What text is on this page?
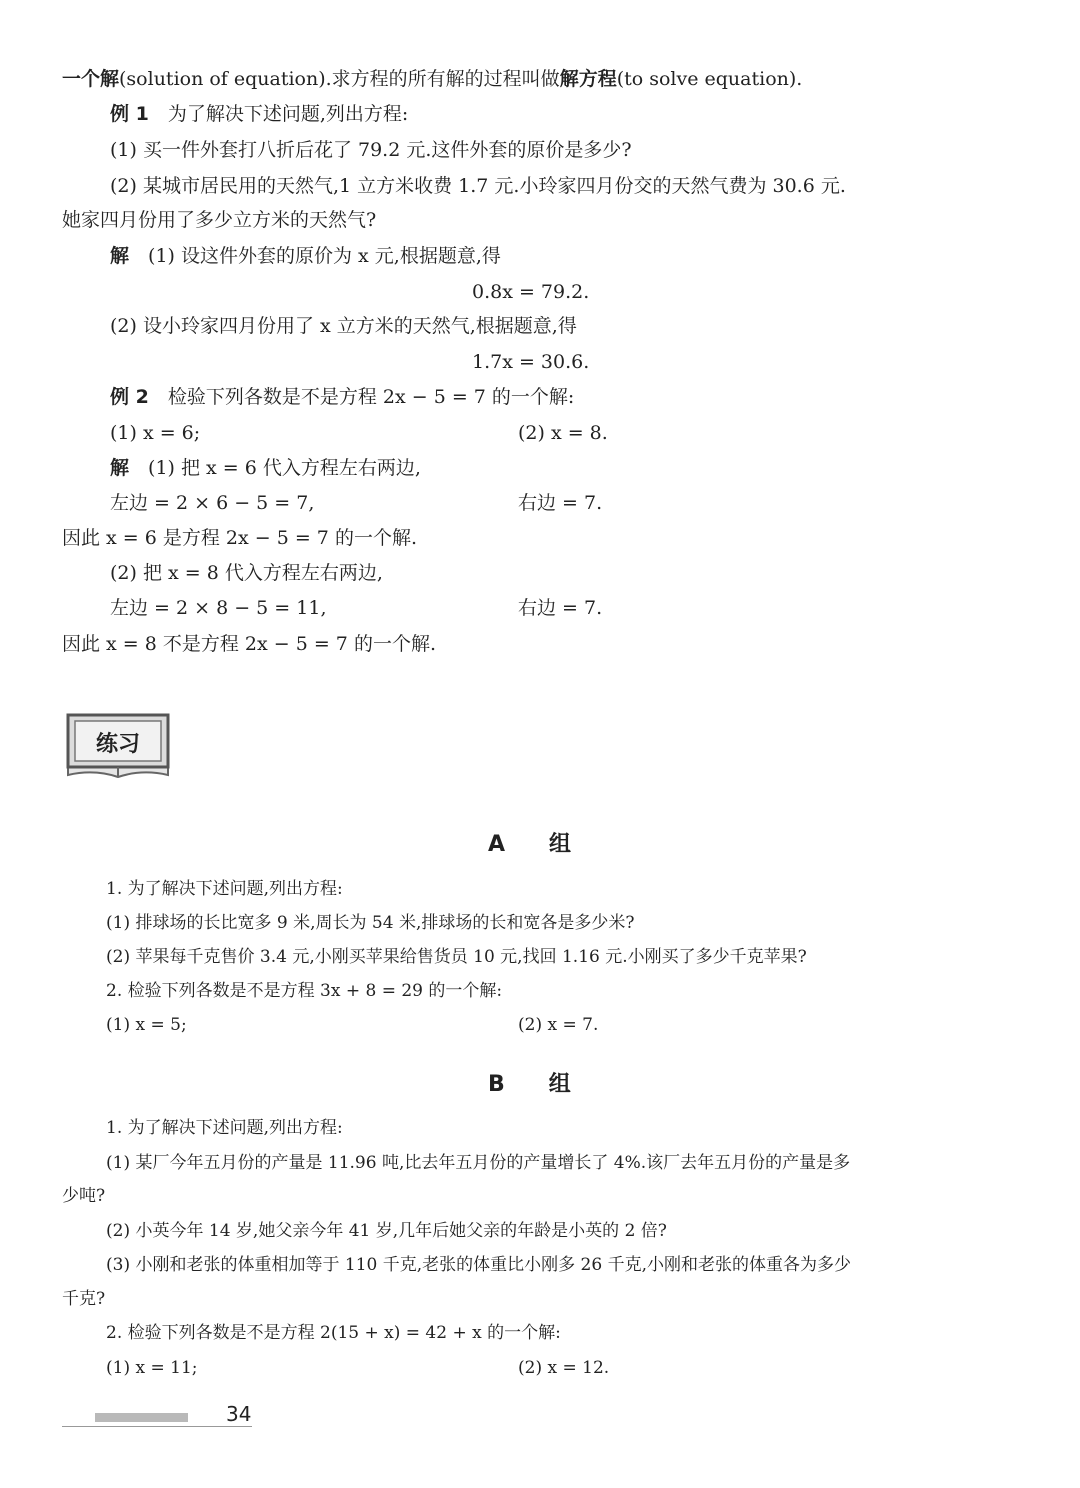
一个解(solution of equation).求方程的所有解的过程叫做解方程(to solve equation).
例 1　 为了解决下述问题,列出方程:
(1) 买一件外套打八折后花了 79.2 元.这件外套的原价是多少?
(2) 某城市居民用的天然气,1 立方米收费 1.7 元.小玲家四月份交的天然气费为 30.6 元.
她家四月份用了多少立方米的天然气?
解　 (1) 设这件外套的原价为 x 元,根据题意,得
0.8x = 79.2.
(2) 设小玲家四月份用了 x 立方米的天然气,根据题意,得
1.7x = 30.6.
例 2　 检验下列各数是不是方程 2x − 5 = 7 的一个解:
(1) x = 6;	(2) x = 8.
解　 (1) 把 x = 6 代入方程左右两边,
左边 = 2 × 6 − 5 = 7,	右边 = 7.
因此 x = 6 是方程 2x − 5 = 7 的一个解.
(2) 把 x = 8 代入方程左右两边,
左边 = 2 × 8 − 5 = 11,	右边 = 7.
因此 x = 8 不是方程 2x − 5 = 7 的一个解.
练习
A　　组
1. 为了解决下述问题,列出方程:
(1) 排球场的长比宽多 9 米,周长为 54 米,排球场的长和宽各是多少米?
(2) 苹果每千克售价 3.4 元,小刚买苹果给售货员 10 元,找回 1.16 元.小刚买了多少千克苹果?
2. 检验下列各数是不是方程 3x + 8 = 29 的一个解:
(1) x = 5;	(2) x = 7.
B　　组
1. 为了解决下述问题,列出方程:
(1) 某厂今年五月份的产量是 11.96 吨,比去年五月份的产量增长了 4%.该厂去年五月份的产量是多
少吨?
(2) 小英今年 14 岁,她父亲今年 41 岁,几年后她父亲的年龄是小英的 2 倍?
(3) 小刚和老张的体重相加等于 110 千克,老张的体重比小刚多 26 千克,小刚和老张的体重各为多少
千克?
2. 检验下列各数是不是方程 2(15 + x) = 42 + x 的一个解:
(1) x = 11;	(2) x = 12.
34
